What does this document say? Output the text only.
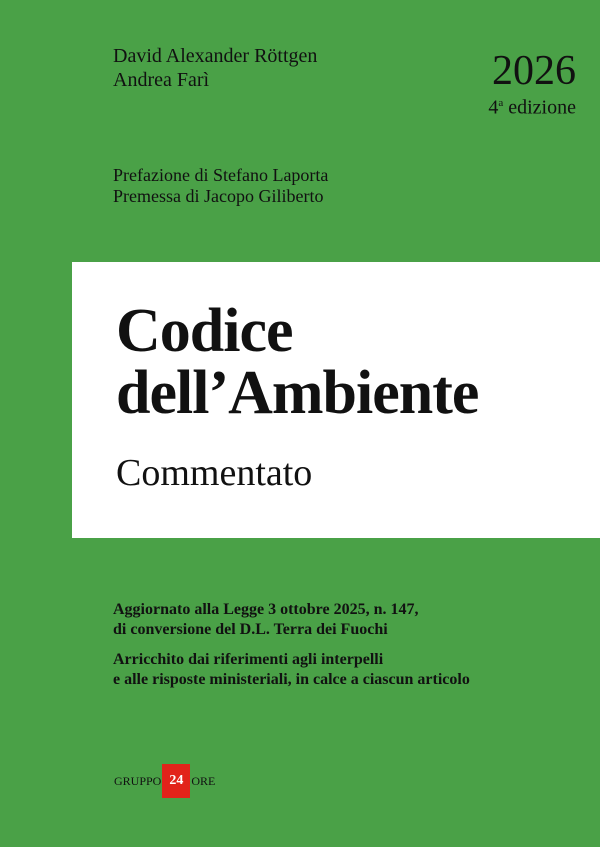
David Alexander Röttgen
Andrea Farì	2026
4$^a$ edizione
Prefazione di Stefano Laporta
Premessa di Jacopo Giliberto
Codice
dell’Ambiente
Commentato

Aggiornato alla Legge 3 ottobre 2025, n. 147,
di conversione del D.L. Terra dei Fuochi

Arricchito dai riferimenti agli interpelli
e alle risposte ministeriali, in calce a ciascun articolo

GRUPPO 24 ORE
